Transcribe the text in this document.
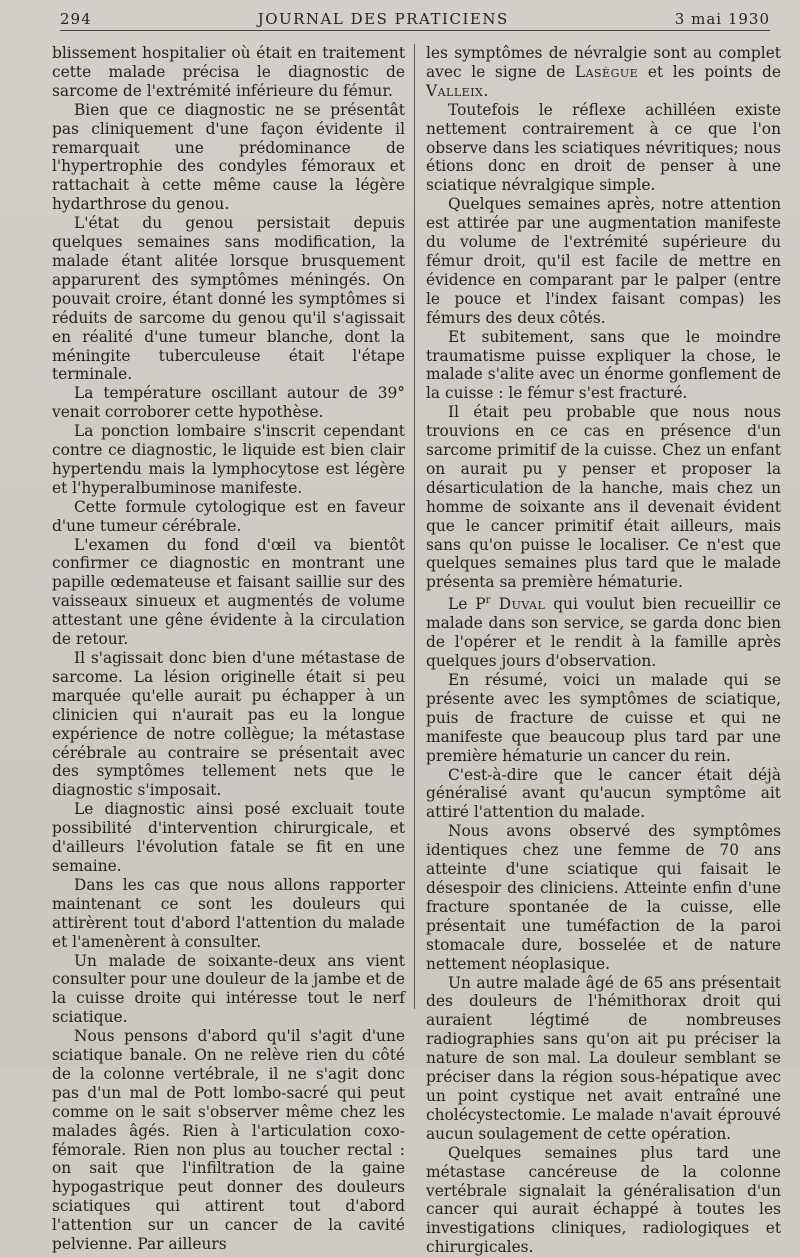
294	JOURNAL DES PRATICIENS	3 mai 1930

blissement hospitalier où était en traitement cette malade précisa le diagnostic de sarcome de l'extrémité inférieure du fémur.

Bien que ce diagnostic ne se présentât pas cliniquement d'une façon évidente il remarquait une prédominance de l'hypertrophie des condyles fémoraux et rattachait à cette même cause la légère hydarthrose du genou.

L'état du genou persistait depuis quelques semaines sans modification, la malade étant alitée lorsque brusquement apparurent des symptômes méningés. On pouvait croire, étant donné les symptômes si réduits de sarcome du genou qu'il s'agissait en réalité d'une tumeur blanche, dont la méningite tuberculeuse était l'étape terminale.

La température oscillant autour de 39° venait corroborer cette hypothèse.

La ponction lombaire s'inscrit cependant contre ce diagnostic, le liquide est bien clair hypertendu mais la lymphocytose est légère et l'hyperalbuminose manifeste.

Cette formule cytologique est en faveur d'une tumeur cérébrale.

L'examen du fond d'œil va bientôt confirmer ce diagnostic en montrant une papille œdemateuse et faisant saillie sur des vaisseaux sinueux et augmentés de volume attestant une gêne évidente à la circulation de retour.

Il s'agissait donc bien d'une métastase de sarcome. La lésion originelle était si peu marquée qu'elle aurait pu échapper à un clinicien qui n'aurait pas eu la longue expérience de notre collègue; la métastase cérébrale au contraire se présentait avec des symptômes tellement nets que le diagnostic s'imposait.

Le diagnostic ainsi posé excluait toute possibilité d'intervention chirurgicale, et d'ailleurs l'évolution fatale se fit en une semaine.

Dans les cas que nous allons rapporter maintenant ce sont les douleurs qui attirèrent tout d'abord l'attention du malade et l'amenèrent à consulter.

Un malade de soixante-deux ans vient consulter pour une douleur de la jambe et de la cuisse droite qui intéresse tout le nerf sciatique.

Nous pensons d'abord qu'il s'agit d'une sciatique banale. On ne relève rien du côté de la colonne vertébrale, il ne s'agit donc pas d'un mal de Pott lombo-sacré qui peut comme on le sait s'observer même chez les malades âgés. Rien à l'articulation coxo-fémorale. Rien non plus au toucher rectal : on sait que l'infiltration de la gaine hypogastrique peut donner des douleurs sciatiques qui attirent tout d'abord l'attention sur un cancer de la cavité pelvienne. Par ailleurs

les symptômes de névralgie sont au complet avec le signe de Lasègue et les points de Valleix.

Toutefois le réflexe achilléen existe nettement contrairement à ce que l'on observe dans les sciatiques névritiques; nous étions donc en droit de penser à une sciatique névralgique simple.

Quelques semaines après, notre attention est attirée par une augmentation manifeste du volume de l'extrémité supérieure du fémur droit, qu'il est facile de mettre en évidence en comparant par le palper (entre le pouce et l'index faisant compas) les fémurs des deux côtés.

Et subitement, sans que le moindre traumatisme puisse expliquer la chose, le malade s'alite avec un énorme gonflement de la cuisse : le fémur s'est fracturé.

Il était peu probable que nous nous trouvions en ce cas en présence d'un sarcome primitif de la cuisse. Chez un enfant on aurait pu y penser et proposer la désarticulation de la hanche, mais chez un homme de soixante ans il devenait évident que le cancer primitif était ailleurs, mais sans qu'on puisse le localiser. Ce n'est que quelques semaines plus tard que le malade présenta sa première hématurie.

Le $P^r$ Duval qui voulut bien recueillir ce malade dans son service, se garda donc bien de l'opérer et le rendit à la famille après quelques jours d'observation.

En résumé, voici un malade qui se présente avec les symptômes de sciatique, puis de fracture de cuisse et qui ne manifeste que beaucoup plus tard par une première hématurie un cancer du rein.

C'est-à-dire que le cancer était déjà généralisé avant qu'aucun symptôme ait attiré l'attention du malade.

Nous avons observé des symptômes identiques chez une femme de 70 ans atteinte d'une sciatique qui faisait le désespoir des cliniciens. Atteinte enfin d'une fracture spontanée de la cuisse, elle présentait une tuméfaction de la paroi stomacale dure, bosselée et de nature nettement néoplasique.

Un autre malade âgé de 65 ans présentait des douleurs de l'hémithorax droit qui auraient légtimé de nombreuses radiographies sans qu'on ait pu préciser la nature de son mal. La douleur semblant se préciser dans la région sous-hépatique avec un point cystique net avait entraîné une cholécystectomie. Le malade n'avait éprouvé aucun soulagement de cette opération.

Quelques semaines plus tard une métastase cancéreuse de la colonne vertébrale signalait la généralisation d'un cancer qui aurait échappé à toutes les investigations cliniques, radiologiques et chirurgicales.
